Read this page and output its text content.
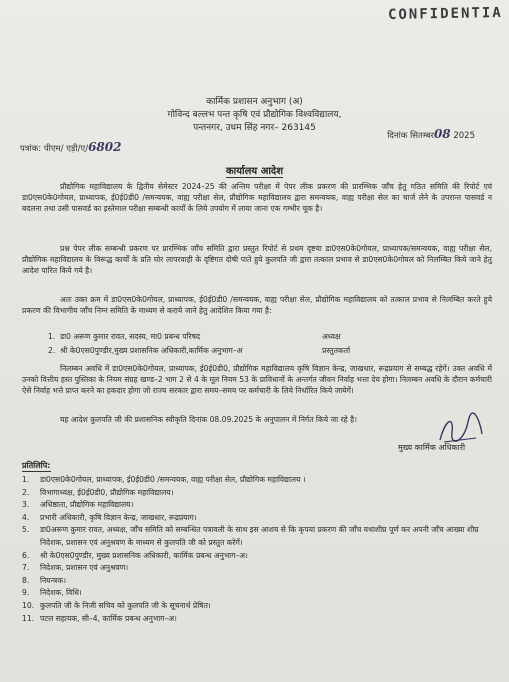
CONFIDENTIA
कार्मिक प्रशासन अनुभाग (अ)
गोविन्द बल्लभ पन्त कृषि एवं प्रौद्योगिक विश्वविद्यालय,
पन्तनगर, उधम सिंह नगर– 263145
पत्रांक: पीएम/ एड़ी/ए/6802
दिनांक सितम्बर08 2025
कार्यालय आदेश

प्रौद्योगिक महाविद्यालय के द्वितीय सेमेस्टर 2024–25 की अन्तिम परीक्षा में पेपर लीक प्रकरण की प्रारम्भिक जाँच हेतु गठित समिति की रिपोर्ट एवं डा0एस0के0गोयल, प्राध्यापक, ई0ई0डी0 /समन्वयक, वाह्य परीक्षा सेल, प्रौद्योगिक महाविद्यालय द्वारा समन्वयक, वाह्य परीक्षा सेल का चार्ज लेने के उपरान्त पासवर्ड न बदलना तथा उसी पासवर्ड का इस्तेमाल परीक्षा सम्बन्धी कार्यों के लिये उपयोग में लाया जाना एक गम्भीर चूक है।

प्रश्न पेपर लीक सम्बन्धी प्रकरण पर प्रारम्भिक जाँच समिति द्वारा प्रस्तुत रिपोर्ट से प्रथम दृष्टया डा0एस0के0गोयल, प्राध्यापक/समन्वयक, वाह्य परीक्षा सेल, प्रौद्योगिक महाविद्यालय के विरूद्ध कार्यों के प्रति घोर लापरवाही के दृष्टिगत दोषी पाते हुये कुलपति जी द्वारा तत्काल प्रभाव से डा0एस0के0गोयल को निलम्बित किये जाने हेतु आदेश पारित किये गये है।

अतः उक्त क्रम में डा0एस0के0गोयल, प्राध्यापक, ई0ई0डी0 /समन्वयक, वाह्य परीक्षा सेल, प्रौद्योगिक महाविद्यालय को तत्काल प्रभाव से निलम्बित करते हुये प्रकरण की विभागीय जाँच निम्न समिति के माध्यम से कराये जाने हेतु आदेशित किया गया है:

1. डा0 अरूण कुमार रावत, सदस्य, मा0 प्रबन्ध परिषद	अध्यक्ष
2. श्री के0एस0पुण्डीर,मुख्य प्रशासनिक अधिकारी,कार्मिक अनुभाग–अ	प्रस्तुतकर्ता

निलम्बन अवधि में डा0एस0के0गोयल, प्राध्यापक, ई0ई0डी0, प्रौद्योगिक महाविद्यालय कृषि विज्ञान केन्द्र, जाखधार, रूद्रप्रयाग से सम्बद्ध रहेगें। उक्त अवधि में उनको वित्तीय हस्त पुस्तिका के नियम संग्रह खण्ड–2 भाग 2 से 4 के मूल नियम 53 के प्राविधानों के अन्तर्गत जीवन निर्वाह भत्ता देय होगा। निलम्बन अवधि के दौरान कर्मचारी ऐसे निर्वाह भत्ते प्राप्त करने का हकदार होगा जो राज्य सरकार द्वारा समय–समय पर कर्मचारी के लिये निर्धारित किये जायेगें।

यह आदेश कुलपति जी की प्रशासनिक स्वीकृति दिनांक 08.09.2025 के अनुपालन में निर्गत किये जा रहे है।

मुख्य कार्मिक अधिकारी
प्रतिलिपि:
1.	डा0एस0के0गोयल, प्राध्यापक, ई0ई0डी0 /समन्वयक, वाह्य परीक्षा सेल, प्रौद्योगिक महाविद्यालय ।
2.	विभागाध्यक्ष, ई0ई0डी0, प्रौद्योगिक महाविद्यालय।
3.	अधिष्ठाता, प्रौद्योगिक महाविद्यालय।
4.	प्रभारी अधिकारी, कृषि विज्ञान केन्द्र, जाखधार, रूद्रप्रयाग।
5.	डा0अरूण कुमार रावत, अध्यक्ष, जाँच समिति को सम्बन्धित पत्रावली के साथ इस आशय से कि कृपया प्रकरण की जाँच यथाशीघ्र पूर्ण कर अपनी जाँच आख्या शीघ्र निदेशक, प्रशासन एवं अनुश्रवण के माध्यम से कुलपति जी को प्रस्तुत करेगें।
6.	श्री के0एस0पुण्डीर, मुख्य प्रशासनिक अधिकारी, कार्मिक प्रबन्ध अनुभाग–अ।
7.	निदेशक, प्रशासन एवं अनुश्रवण।
8.	नियन्त्रक।
9.	निदेशक, विधि।
10. कुलपति जी के निजी सचिव को कुलपति जी के सूचनार्थ प्रेषित।
11. पटल सहायक, सी–4, कार्मिक प्रबन्ध अनुभाग–अ।
